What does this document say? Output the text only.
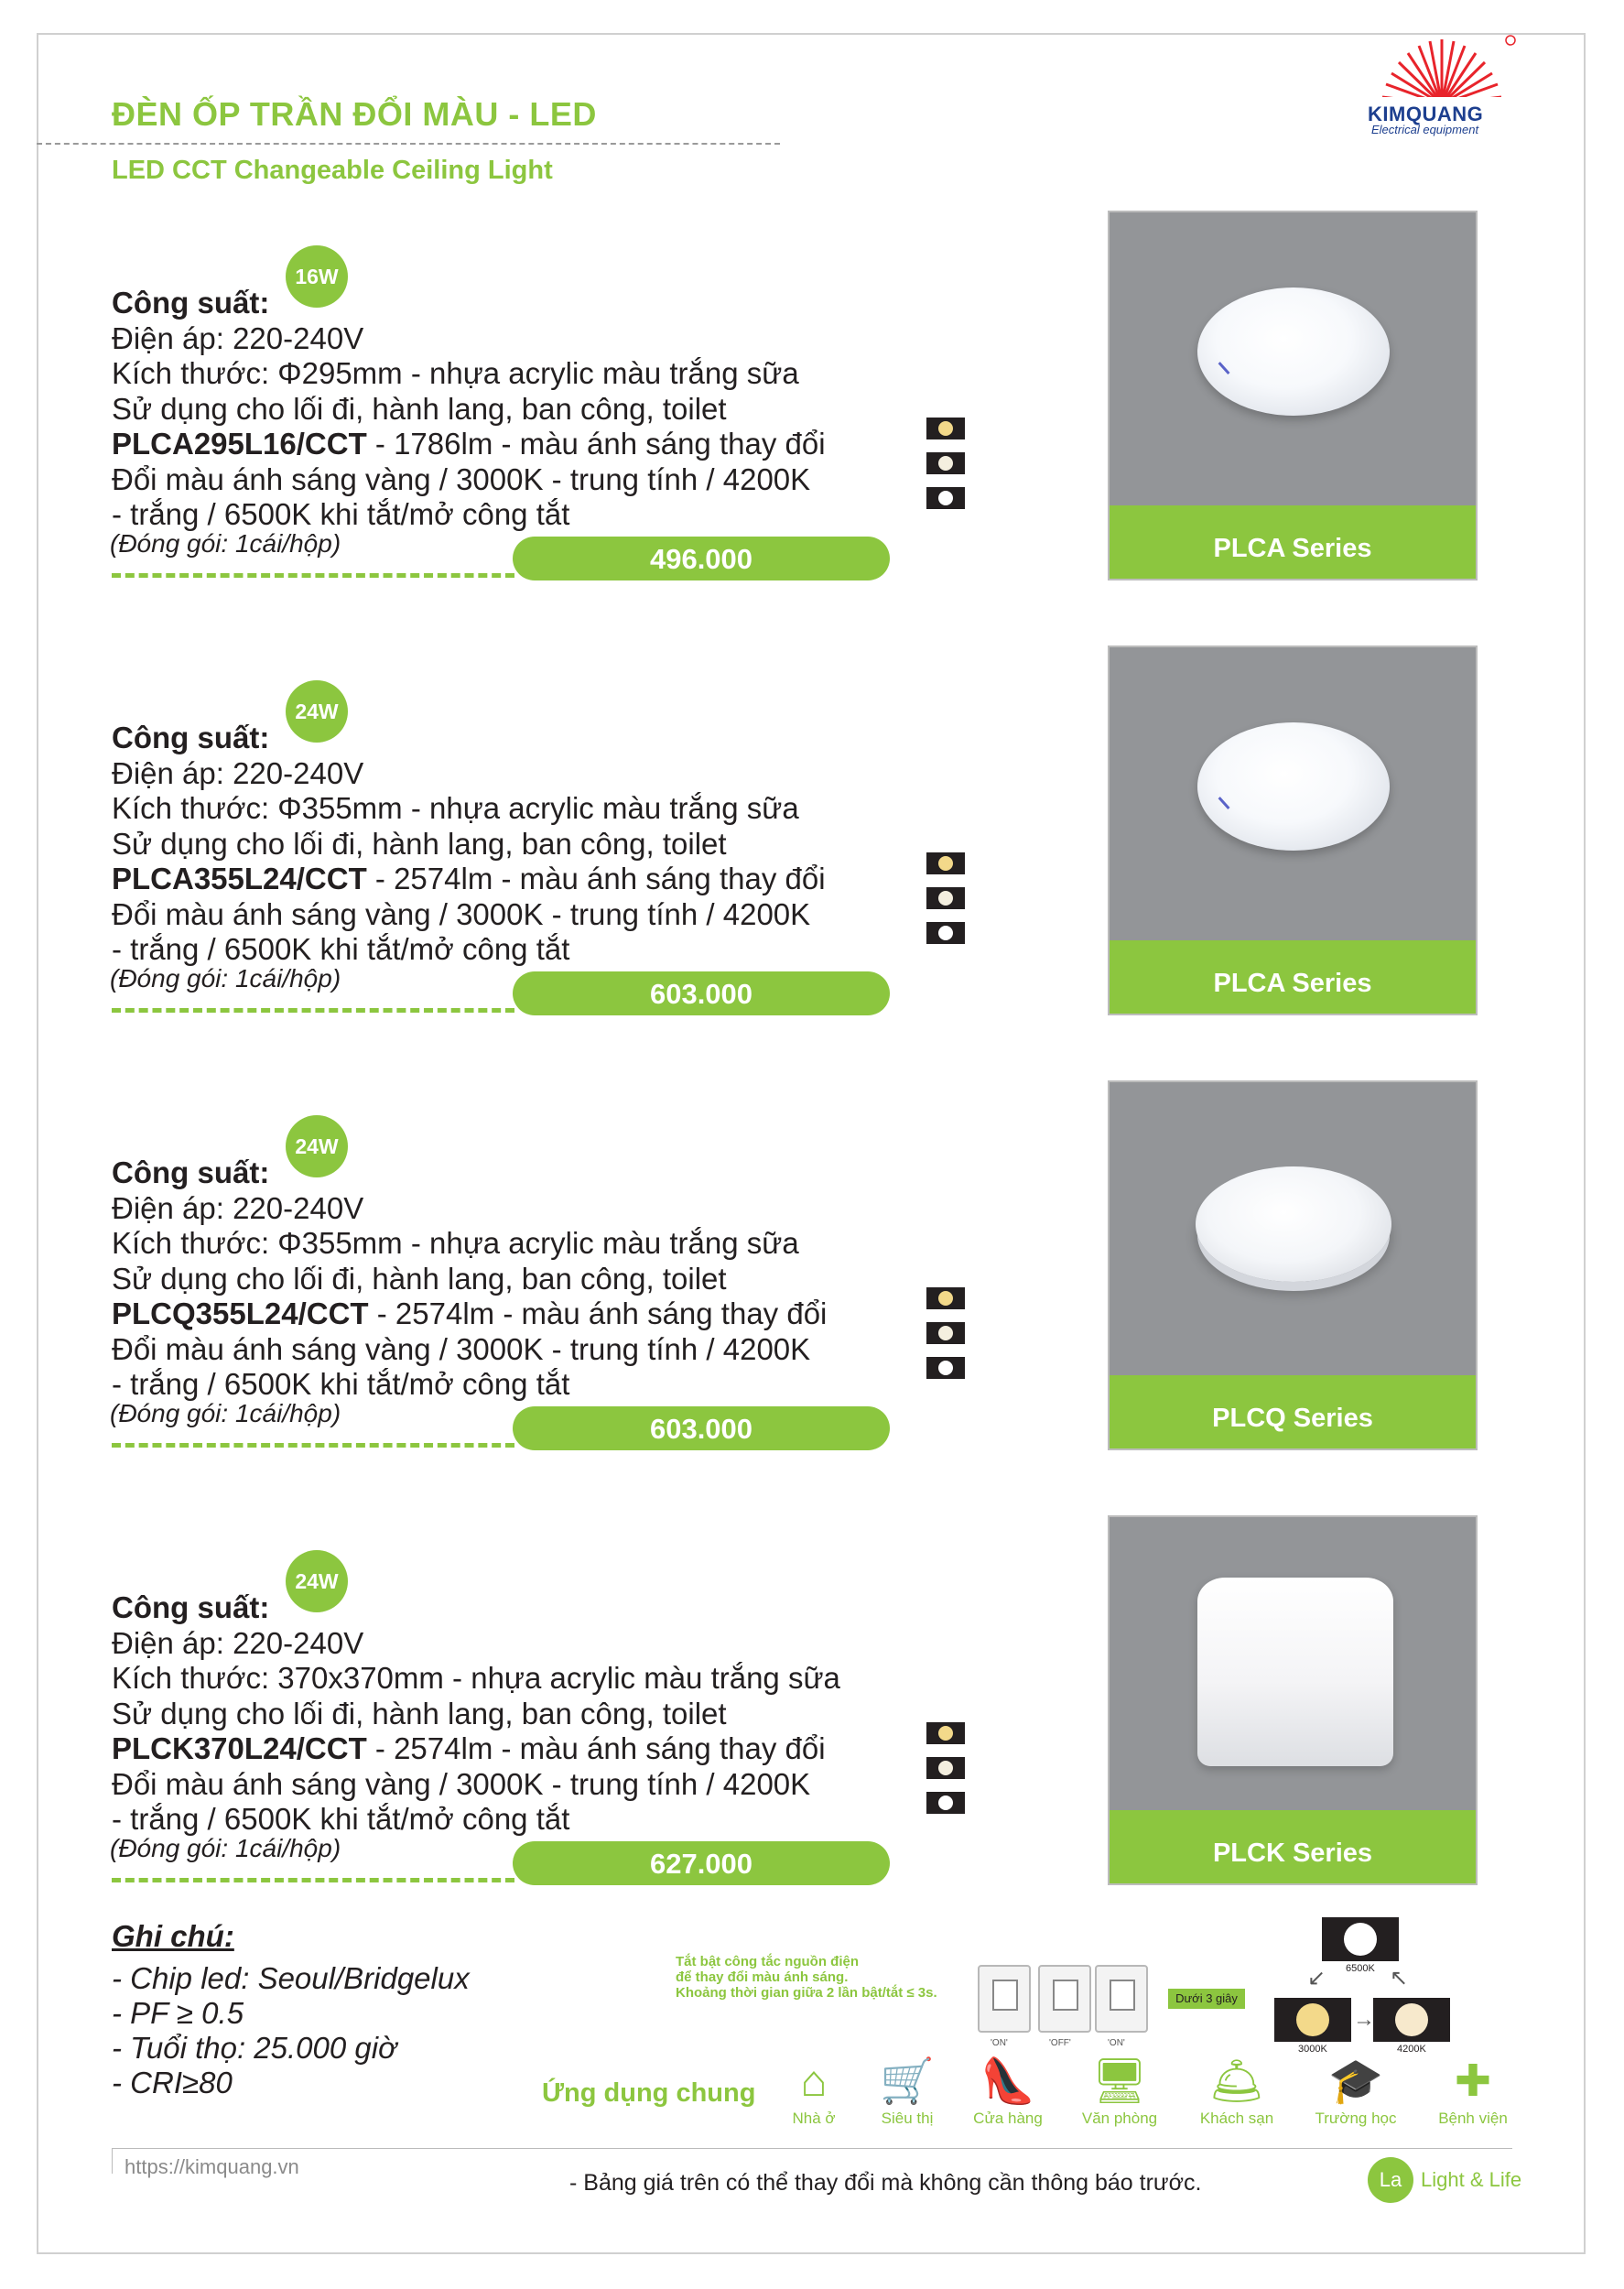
ĐÈN ỐP TRẦN ĐỔI MÀU - LED
LED CCT Changeable Ceiling Light
KIMQUANG
Electrical equipment
16W
Công suất:
Điện áp: 220-240V
Kích thước: Φ295mm - nhựa acrylic màu trắng sữa
Sử dụng cho lối đi, hành lang, ban công, toilet
PLCA295L16/CCT - 1786lm - màu ánh sáng thay đổi
Đổi màu ánh sáng vàng / 3000K - trung tính / 4200K
- trắng / 6500K khi tắt/mở công tắt
(Đóng gói: 1cái/hộp)	496.000	PLCA Series
24W
Công suất:
Điện áp: 220-240V
Kích thước: Φ355mm - nhựa acrylic màu trắng sữa
Sử dụng cho lối đi, hành lang, ban công, toilet
PLCA355L24/CCT - 2574lm - màu ánh sáng thay đổi
Đổi màu ánh sáng vàng / 3000K - trung tính / 4200K
- trắng / 6500K khi tắt/mở công tắt
(Đóng gói: 1cái/hộp)	603.000	PLCA Series
24W
Công suất:
Điện áp: 220-240V
Kích thước: Φ355mm - nhựa acrylic màu trắng sữa
Sử dụng cho lối đi, hành lang, ban công, toilet
PLCQ355L24/CCT - 2574lm - màu ánh sáng thay đổi
Đổi màu ánh sáng vàng / 3000K - trung tính / 4200K
- trắng / 6500K khi tắt/mở công tắt
(Đóng gói: 1cái/hộp)	603.000	PLCQ Series
24W
Công suất:
Điện áp: 220-240V
Kích thước: 370x370mm - nhựa acrylic màu trắng sữa
Sử dụng cho lối đi, hành lang, ban công, toilet
PLCK370L24/CCT - 2574lm - màu ánh sáng thay đổi
Đổi màu ánh sáng vàng / 3000K - trung tính / 4200K
- trắng / 6500K khi tắt/mở công tắt
(Đóng gói: 1cái/hộp)	627.000	PLCK Series
Ghi chú:
- Chip led: Seoul/Bridgelux
- PF ≥ 0.5
- Tuổi thọ: 25.000 giờ
- CRI≥80
Tắt bật công tắc nguồn điện
để thay đổi màu ánh sáng.
Khoảng thời gian giữa 2 lần bật/tắt ≤ 3s.
'ON'	'OFF'	'ON'
Dưới 3 giây
6500K
3000K	4200K
↙	↖
→
Ứng dụng chung	⌂
Nhà ở
🛒
Siêu thị
👠
Cửa hàng
🖥
Văn phòng
🛎
Khách sạn
🎓
Trường học
✚
Bệnh viện
https://kimquang.vn
- Bảng giá trên có thể thay đổi mà không cần thông báo trước.	La Light & Life
